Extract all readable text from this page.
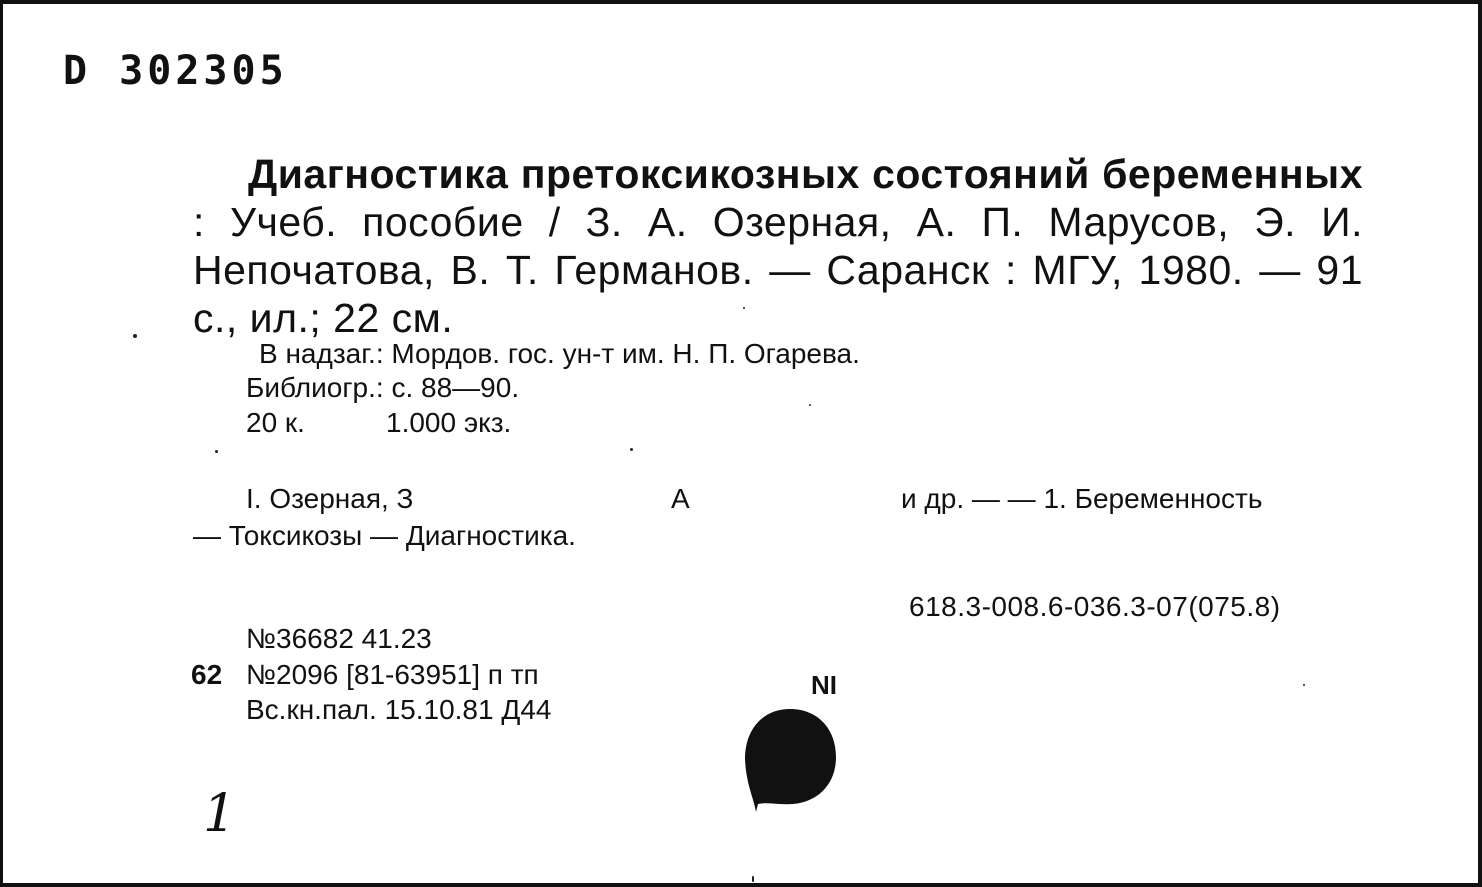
D 302305
Диагностика претоксикозных состояний беременных : Учеб. пособие / З. А. Озерная, А. П. Марусов, Э. И. Непочатова, В. Т. Германов. — Саранск : МГУ, 1980. — 91 с., ил.; 22 см.
В надзаг.: Мордов. гос. ун-т им. Н. П. Огарева.
Библиогр.: с. 88—90.
20 к.	1.000 экз.
I. Озерная, З	А	и др. — — 1. Беременность
— Токсикозы — Диагностика.
618.3-008.6-036.3-07(075.8)
№36682 41.23
62 №2096 [81-63951] п тп
Вс.кн.пал. 15.10.81 Д44
NI
1
